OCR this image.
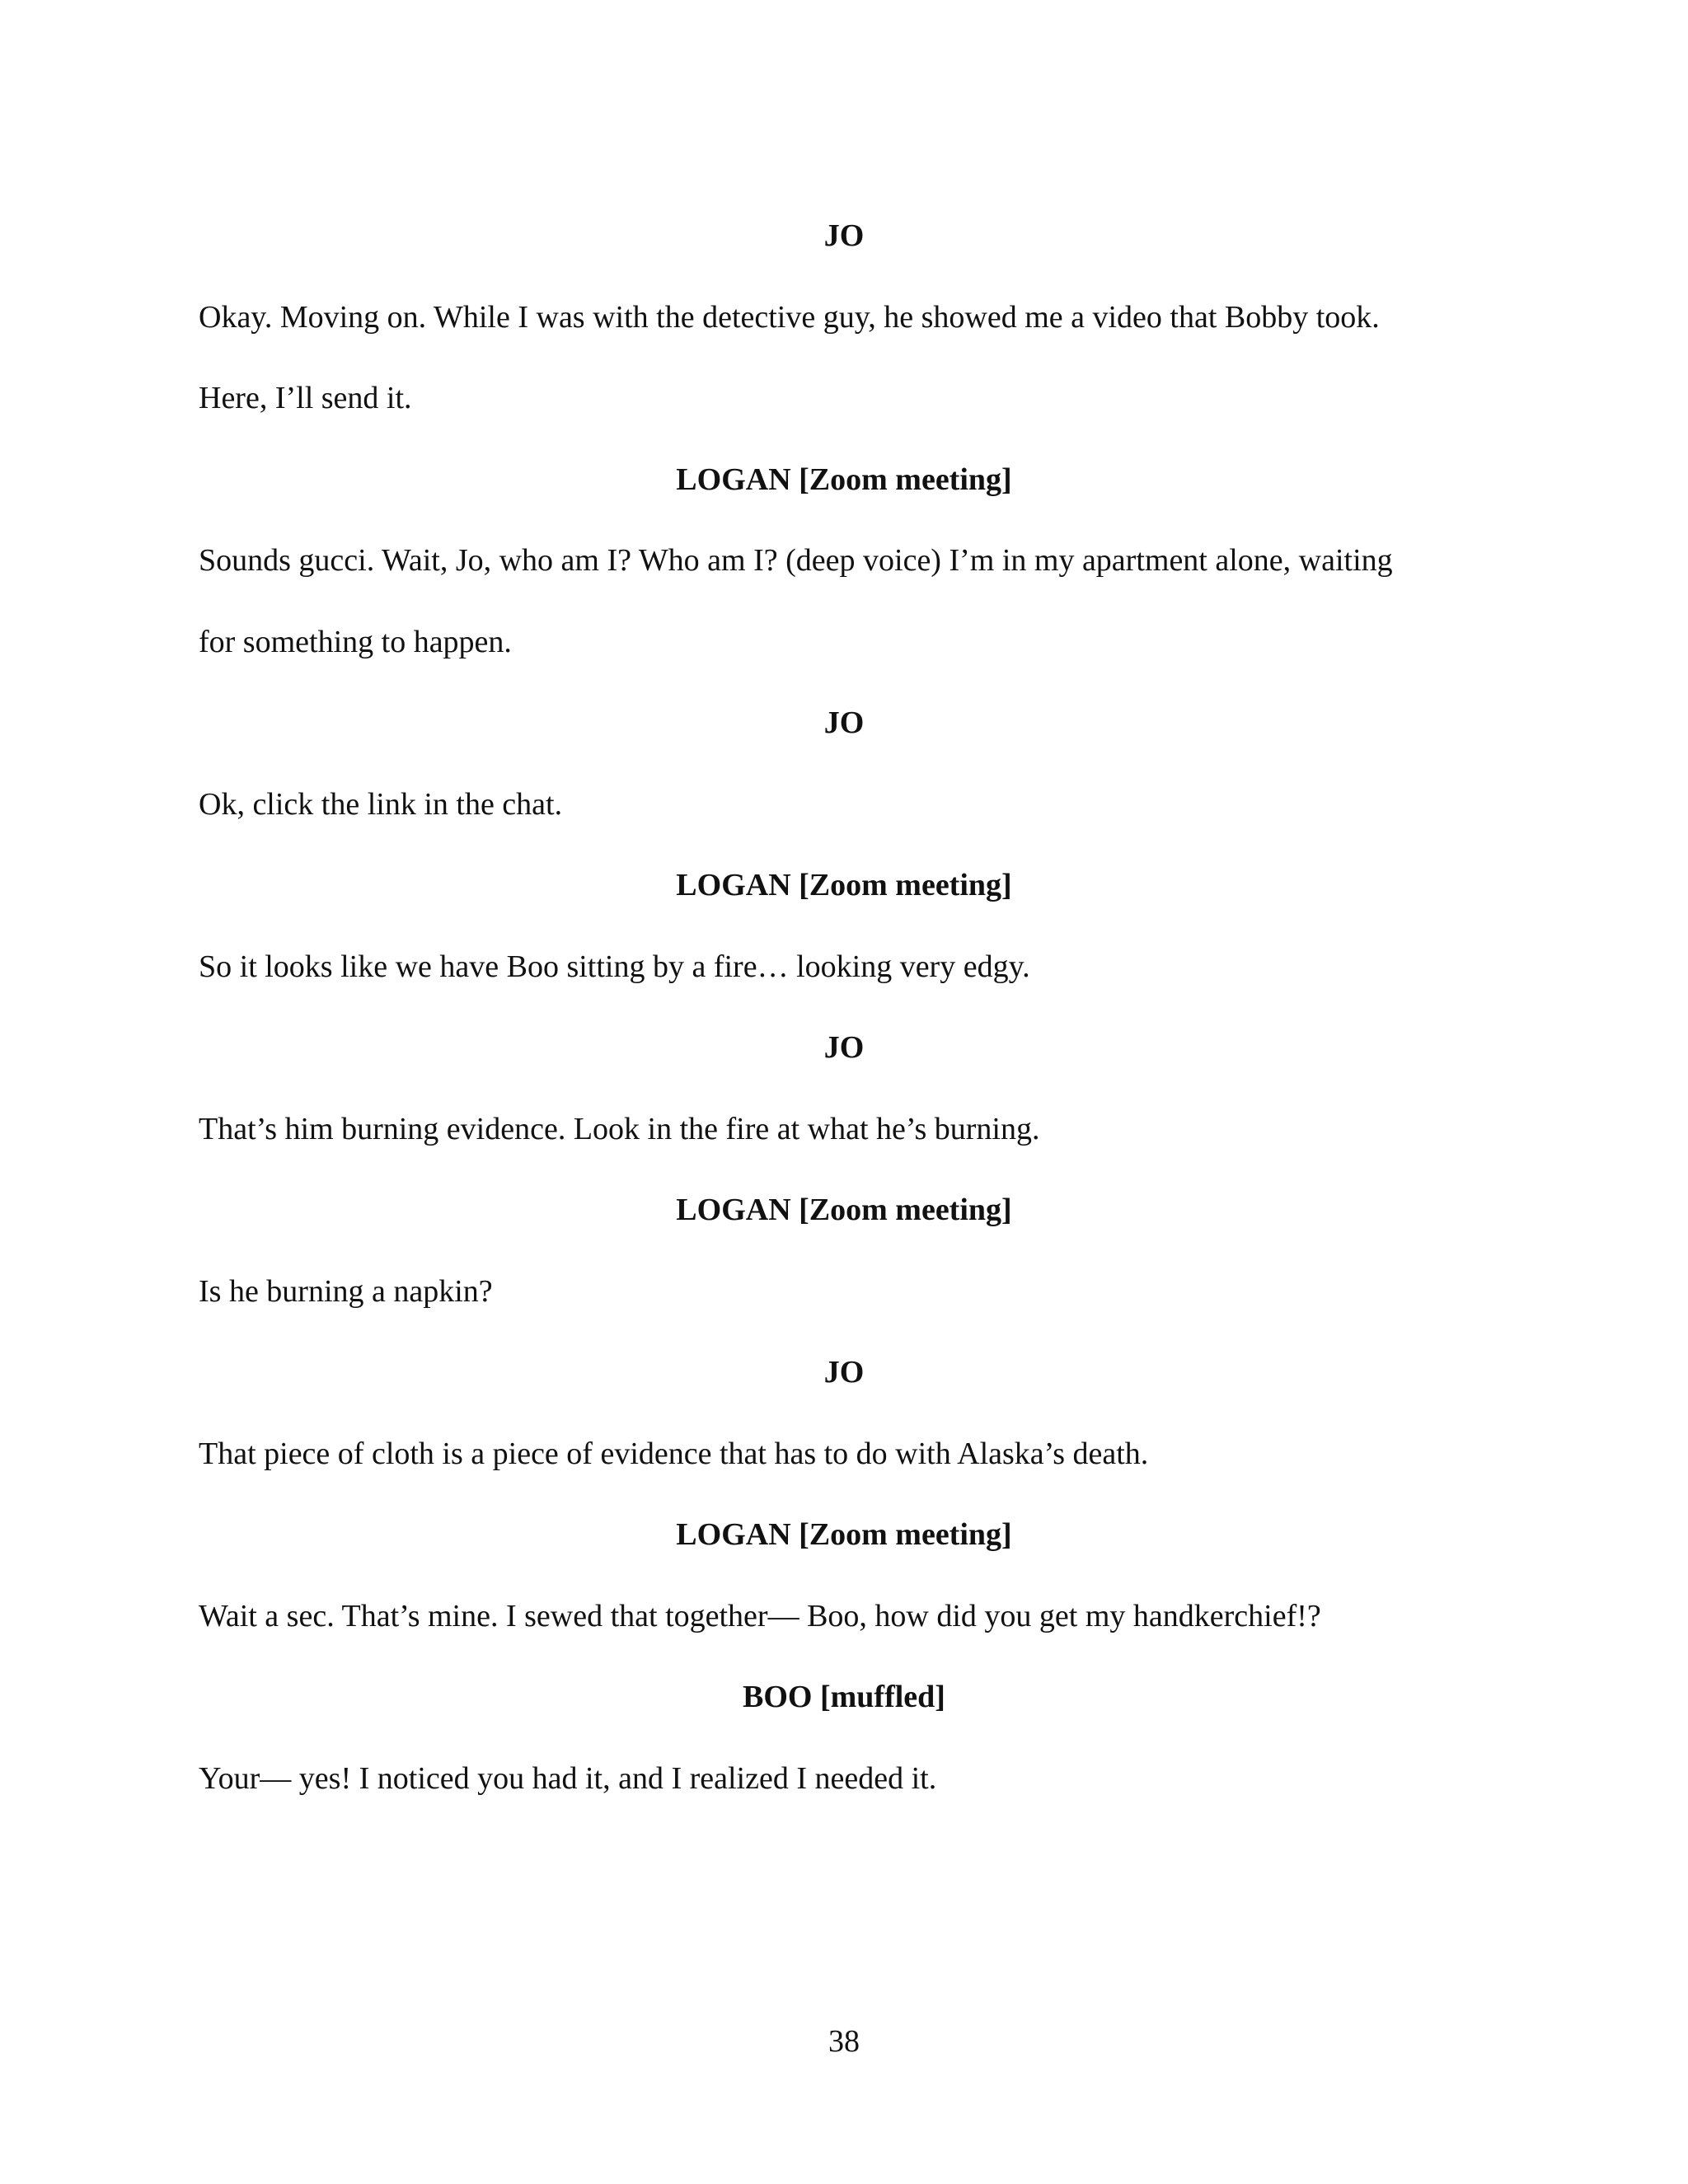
JO
Okay. Moving on. While I was with the detective guy, he showed me a video that Bobby took.
Here, I’ll send it.
LOGAN [Zoom meeting]
Sounds gucci. Wait, Jo, who am I? Who am I? (deep voice) I’m in my apartment alone, waiting
for something to happen.
JO
Ok, click the link in the chat.
LOGAN [Zoom meeting]
So it looks like we have Boo sitting by a fire… looking very edgy.
JO
That’s him burning evidence. Look in the fire at what he’s burning.
LOGAN [Zoom meeting]
Is he burning a napkin?
JO
That piece of cloth is a piece of evidence that has to do with Alaska’s death.
LOGAN [Zoom meeting]
Wait a sec. That’s mine. I sewed that together— Boo, how did you get my handkerchief!?
BOO [muffled]
Your— yes! I noticed you had it, and I realized I needed it.
38
